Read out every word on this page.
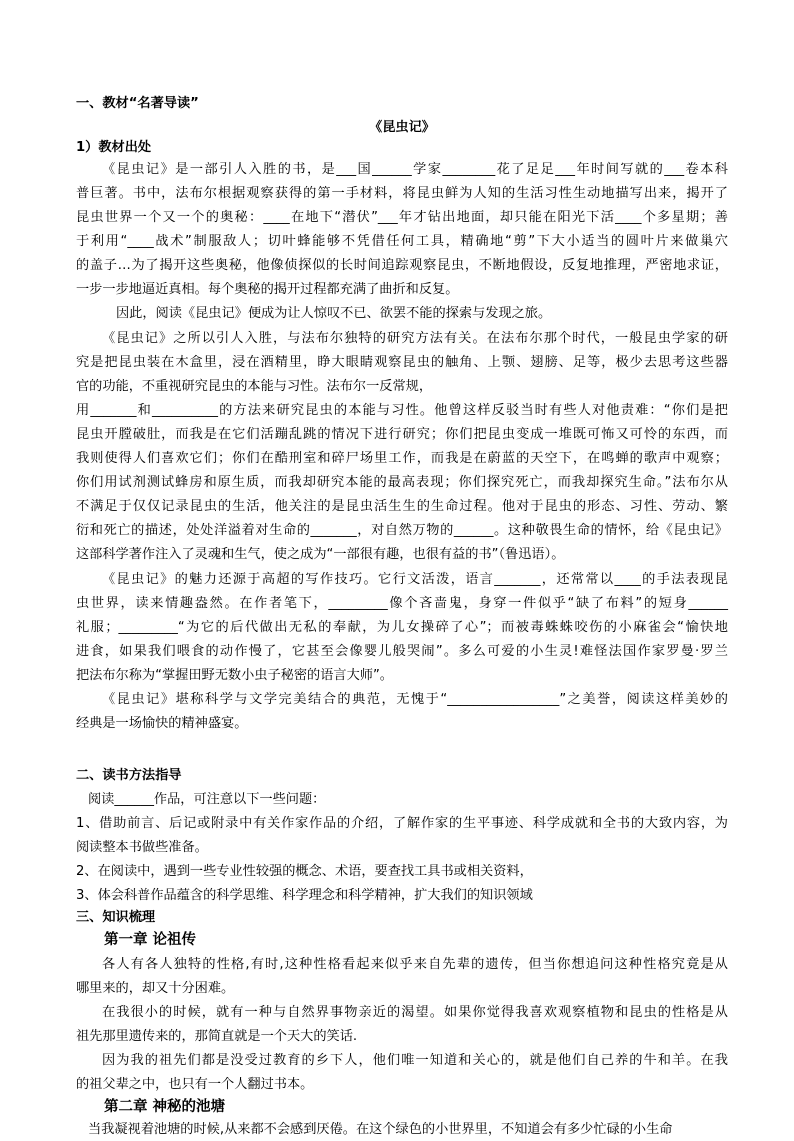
一、教材“名著导读”
《昆虫记》
1）教材出处
《昆虫记》是一部引人入胜的书，是___国______学家________花了足足___年时间写就的___卷本科
普巨著。书中，法布尔根据观察获得的第一手材料，将昆虫鲜为人知的生活习性生动地描写出来，揭开了
昆虫世界一个又一个的奥秘：____在地下“潜伏”___年才钻出地面，却只能在阳光下活____个多星期；善
于利用“____战术”制服敌人；切叶蜂能够不凭借任何工具，精确地“剪”下大小适当的圆叶片来做巢穴
的盖子…为了揭开这些奥秘，他像侦探似的长时间追踪观察昆虫，不断地假设，反复地推理，严密地求证，
一步一步地逼近真相。每个奥秘的揭开过程都充满了曲折和反复。
因此，阅读《昆虫记》便成为让人惊叹不已、欲罢不能的探索与发现之旅。
《昆虫记》之所以引人入胜，与法布尔独特的研究方法有关。在法布尔那个时代，一般昆虫学家的研
究是把昆虫装在木盒里，浸在酒精里，睁大眼睛观察昆虫的触角、上颚、翅膀、足等，极少去思考这些器
官的功能，不重视研究昆虫的本能与习性。法布尔一反常规，
用_______和__________的方法来研究昆虫的本能与习性。他曾这样反驳当时有些人对他责难：“你们是把
昆虫开膛破肚，而我是在它们活蹦乱跳的情况下进行研究；你们把昆虫变成一堆既可怖又可怜的东西，而
我则使得人们喜欢它们；你们在酷刑室和碎尸场里工作，而我是在蔚蓝的天空下，在鸣蝉的歌声中观察；
你们用试剂测试蜂房和原生质，而我却研究本能的最高表现；你们探究死亡，而我却探究生命。”法布尔从
不满足于仅仅记录昆虫的生活，他关注的是昆虫活生生的生命过程。他对于昆虫的形态、习性、劳动、繁
衍和死亡的描述，处处洋溢着对生命的_______，对自然万物的______。这种敬畏生命的情怀，给《昆虫记》
这部科学著作注入了灵魂和生气，使之成为“一部很有趣，也很有益的书”（鲁迅语）。
《昆虫记》的魅力还源于高超的写作技巧。它行文活泼，语言_______，还常常以____的手法表现昆
虫世界，读来情趣盎然。在作者笔下，_________像个吝啬鬼，身穿一件似乎“缺了布料”的短身______
礼服；_________“为它的后代做出无私的奉献，为儿女操碎了心”；而被毒蛛蛛咬伤的小麻雀会“愉快地
进食，如果我们喂食的动作慢了，它甚至会像婴儿般哭闹”。多么可爱的小生灵!难怪法国作家罗曼·罗兰
把法布尔称为“掌握田野无数小虫子秘密的语言大师”。
《昆虫记》堪称科学与文学完美结合的典范，无愧于“_________________”之美誉，阅读这样美妙的
经典是一场愉快的精神盛宴。
二、读书方法指导
阅读______作品，可注意以下一些问题：
1、借助前言、后记或附录中有关作家作品的介绍，了解作家的生平事迹、科学成就和全书的大致内容，为
阅读整本书做些准备。
2、在阅读中，遇到一些专业性较强的概念、术语，要查找工具书或相关资料，
3、体会科普作品蕴含的科学思维、科学理念和科学精神，扩大我们的知识领域
三、知识梳理
第一章 论祖传
各人有各人独特的性格,有时,这种性格看起来似乎来自先辈的遗传，但当你想追问这种性格究竟是从
哪里来的，却又十分困难。
在我很小的时候，就有一种与自然界事物亲近的渴望。如果你觉得我喜欢观察植物和昆虫的性格是从
祖先那里遗传来的，那简直就是一个天大的笑话.
因为我的祖先们都是没受过教育的乡下人，他们唯一知道和关心的，就是他们自己养的牛和羊。在我
的祖父辈之中，也只有一个人翻过书本。
第二章 神秘的池塘
当我凝视着池塘的时候,从来都不会感到厌倦。在这个绿色的小世界里，不知道会有多少忙碌的小生命
